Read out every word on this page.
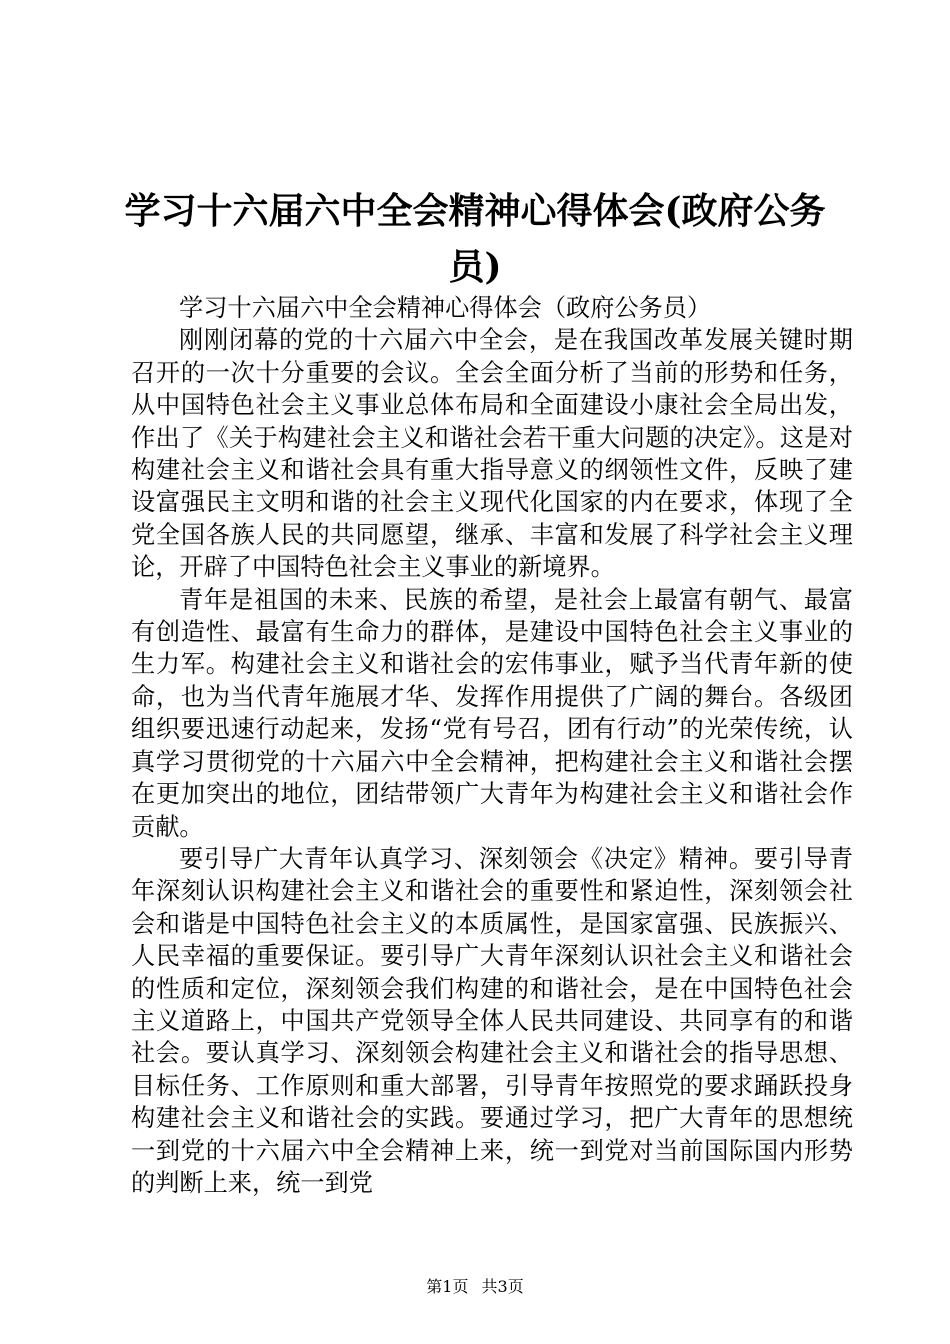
学习十六届六中全会精神心得体会(政府公务员)
学习十六届六中全会精神心得体会（政府公务员）

刚刚闭幕的党的十六届六中全会，是在我国改革发展关键时期召开的一次十分重要的会议。全会全面分析了当前的形势和任务，从中国特色社会主义事业总体布局和全面建设小康社会全局出发，作出了《关于构建社会主义和谐社会若干重大问题的决定》。这是对构建社会主义和谐社会具有重大指导意义的纲领性文件，反映了建设富强民主文明和谐的社会主义现代化国家的内在要求，体现了全党全国各族人民的共同愿望，继承、丰富和发展了科学社会主义理论，开辟了中国特色社会主义事业的新境界。

青年是祖国的未来、民族的希望，是社会上最富有朝气、最富有创造性、最富有生命力的群体，是建设中国特色社会主义事业的生力军。构建社会主义和谐社会的宏伟事业，赋予当代青年新的使命，也为当代青年施展才华、发挥作用提供了广阔的舞台。各级团组织要迅速行动起来，发扬“党有号召，团有行动”的光荣传统，认真学习贯彻党的十六届六中全会精神，把构建社会主义和谐社会摆在更加突出的地位，团结带领广大青年为构建社会主义和谐社会作贡献。

要引导广大青年认真学习、深刻领会《决定》精神。要引导青年深刻认识构建社会主义和谐社会的重要性和紧迫性，深刻领会社会和谐是中国特色社会主义的本质属性，是国家富强、民族振兴、人民幸福的重要保证。要引导广大青年深刻认识社会主义和谐社会的性质和定位，深刻领会我们构建的和谐社会，是在中国特色社会主义道路上，中国共产党领导全体人民共同建设、共同享有的和谐社会。要认真学习、深刻领会构建社会主义和谐社会的指导思想、目标任务、工作原则和重大部署，引导青年按照党的要求踊跃投身构建社会主义和谐社会的实践。要通过学习，把广大青年的思想统一到党的十六届六中全会精神上来，统一到党对当前国际国内形势的判断上来，统一到党

第1页 共3页
